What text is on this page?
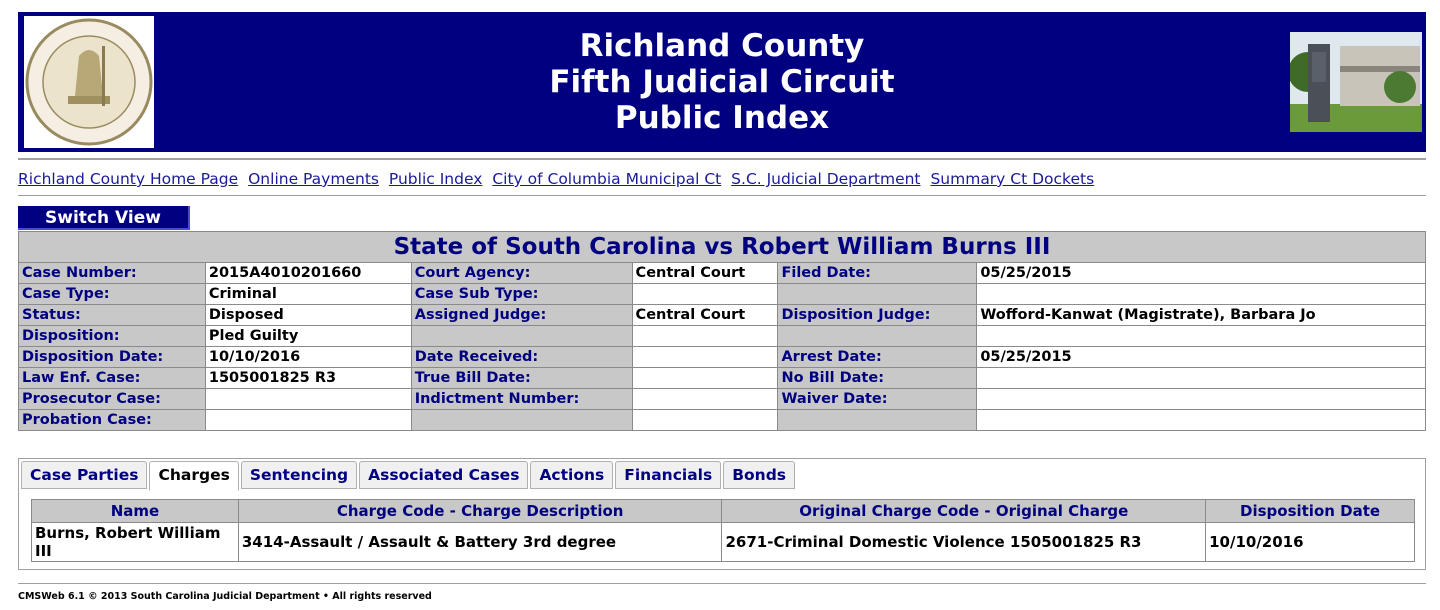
Richland County
Fifth Judicial Circuit
Public Index
Richland County Home Page Online Payments Public Index City of Columbia Municipal Ct S.C. Judicial Department Summary Ct Dockets
Switch View
State of South Carolina vs Robert William Burns III					
Case Number:	2015A4010201660	Court Agency:	Central Court	Filed Date:	05/25/2015
Case Type:	Criminal	Case Sub Type:			
Status:	Disposed	Assigned Judge:	Central Court	Disposition Judge:	Wofford-Kanwat (Magistrate), Barbara Jo
Disposition:	Pled Guilty				
Disposition Date:	10/10/2016	Date Received:		Arrest Date:	05/25/2015
Law Enf. Case:	1505001825 R3	True Bill Date:		No Bill Date:	
Prosecutor Case:		Indictment Number:		Waiver Date:	
Probation Case:					
Case Parties	Charges	Sentencing	Associated Cases	Actions	Financials	Bonds
Name	Charge Code - Charge Description	Original Charge Code - Original Charge	Disposition Date
Burns, Robert William III	3414-Assault / Assault & Battery 3rd degree	2671-Criminal Domestic Violence 1505001825 R3	10/10/2016
CMSWeb 6.1 © 2013 South Carolina Judicial Department • All rights reserved
